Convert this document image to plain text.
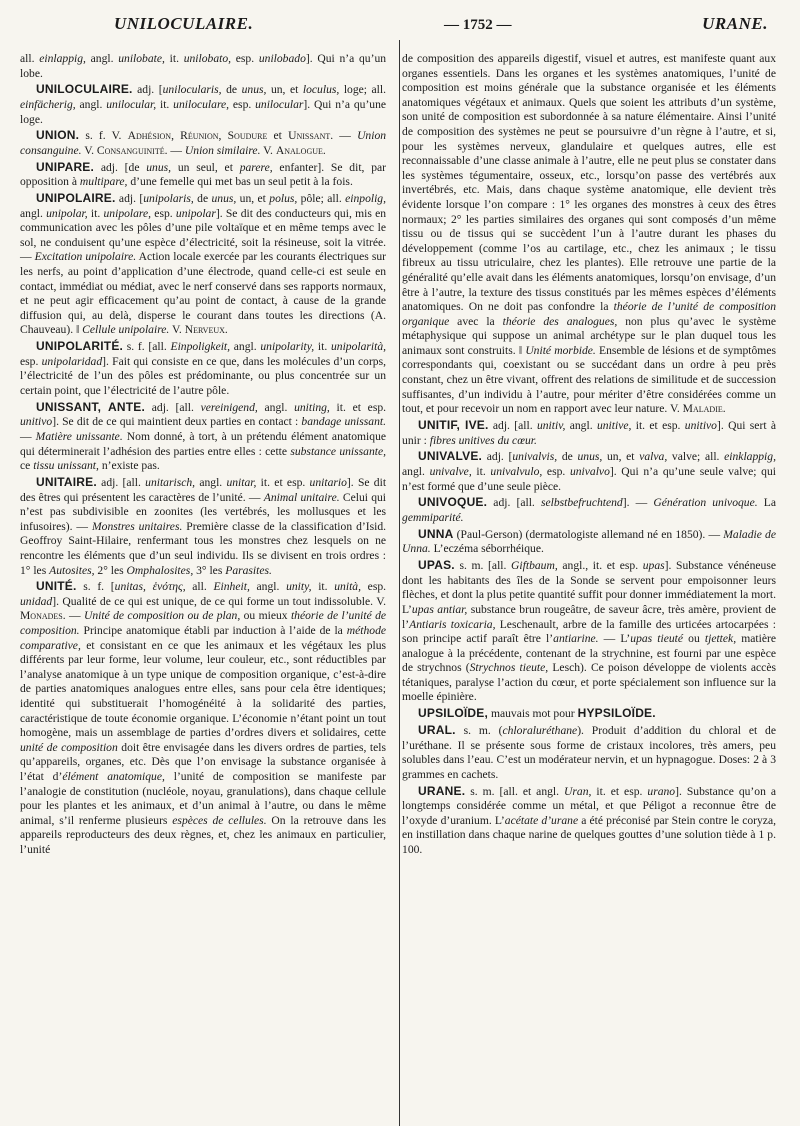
UNILOCULAIRE.	— 1752 —	URANE.

all. einlappig, angl. unilobate, it. unilobato, esp. unilobado]. Qui n’a qu’un lobe.

UNILOCULAIRE. adj. [unilocularis, de unus, un, et loculus, loge; all. einfächerig, angl. unilocular, it. uniloculare, esp. unilocular]. Qui n’a qu’une loge.

UNION. s. f. V. Adhésion, Réunion, Soudure et Unissant. — Union consanguine. V. Consanguinité. — Union similaire. V. Analogue.

UNIPARE. adj. [de unus, un seul, et parere, enfanter]. Se dit, par opposition à multipare, d’une femelle qui met bas un seul petit à la fois.

UNIPOLAIRE. adj. [unipolaris, de unus, un, et polus, pôle; all. einpolig, angl. unipolar, it. unipolare, esp. unipolar]. Se dit des conducteurs qui, mis en communication avec les pôles d’une pile voltaïque et en même temps avec le sol, ne conduisent qu’une espèce d’électricité, soit la résineuse, soit la vitrée. — Excitation unipolaire. Action locale exercée par les courants électriques sur les nerfs, au point d’application d’une électrode, quand celle-ci est seule en contact, immédiat ou médiat, avec le nerf conservé dans ses rapports normaux, et ne peut agir efficacement qu’au point de contact, à cause de la grande diffusion qui, au delà, disperse le courant dans toutes les directions (A. Chauveau). ‖ Cellule unipolaire. V. Nerveux.

UNIPOLARITÉ. s. f. [all. Einpoligkeit, angl. unipolarity, it. unipolarità, esp. unipolaridad]. Fait qui consiste en ce que, dans les molécules d’un corps, l’électricité de l’un des pôles est prédominante, ou plus concentrée sur un certain point, que l’électricité de l’autre pôle.

UNISSANT, ANTE. adj. [all. vereinigend, angl. uniting, it. et esp. unitivo]. Se dit de ce qui maintient deux parties en contact : bandage unissant. — Matière unissante. Nom donné, à tort, à un prétendu élément anatomique qui déterminerait l’adhésion des parties entre elles : cette substance unissante, ce tissu unissant, n’existe pas.

UNITAIRE. adj. [all. unitarisch, angl. unitar, it. et esp. unitario]. Se dit des êtres qui présentent les caractères de l’unité. — Animal unitaire. Celui qui n’est pas subdivisible en zoonites (les vertébrés, les mollusques et les infusoires). — Monstres unitaires. Première classe de la classification d’Isid. Geoffroy Saint-Hilaire, renfermant tous les monstres chez lesquels on ne rencontre les éléments que d’un seul individu. Ils se divisent en trois ordres : 1° les Autosites, 2° les Omphalosites, 3° les Parasites.

UNITÉ. s. f. [unitas, ἑνότης, all. Einheit, angl. unity, it. unità, esp. unidad]. Qualité de ce qui est unique, de ce qui forme un tout indissoluble. V. Monades. — Unité de composition ou de plan, ou mieux théorie de l’unité de composition. Principe anatomique établi par induction à l’aide de la méthode comparative, et consistant en ce que les animaux et les végétaux les plus différents par leur forme, leur volume, leur couleur, etc., sont réductibles par l’analyse anatomique à un type unique de composition organique, c’est-à-dire de parties anatomiques analogues entre elles, sans pour cela être identiques; identité qui substituerait l’homogénéité à la solidarité des parties, caractéristique de toute économie organique. L’économie n’étant point un tout homogène, mais un assemblage de parties d’ordres divers et solidaires, cette unité de composition doit être envisagée dans les divers ordres de parties, tels qu’appareils, organes, etc. Dès que l’on envisage la substance organisée à l’état d’élément anatomique, l’unité de composition se manifeste par l’analogie de constitution (nucléole, noyau, granulations), dans chaque cellule pour les plantes et les animaux, et d’un animal à l’autre, ou dans le même animal, s’il renferme plusieurs espèces de cellules. On la retrouve dans les appareils reproducteurs des deux règnes, et, chez les animaux en particulier, l’unité

de composition des appareils digestif, visuel et autres, est manifeste quant aux organes essentiels. Dans les organes et les systèmes anatomiques, l’unité de composition est moins générale que la substance organisée et les éléments anatomiques végétaux et animaux. Quels que soient les attributs d’un système, son unité de composition est subordonnée à sa nature élémentaire. Ainsi l’unité de composition des systèmes ne peut se poursuivre d’un règne à l’autre, et si, pour les systèmes nerveux, glandulaire et quelques autres, elle est reconnaissable d’une classe animale à l’autre, elle ne peut plus se constater dans les systèmes tégumentaire, osseux, etc., lorsqu’on passe des vertébrés aux invertébrés, etc. Mais, dans chaque système anatomique, elle devient très évidente lorsque l’on compare : 1° les organes des monstres à ceux des êtres normaux; 2° les parties similaires des organes qui sont composés d’un même tissu ou de tissus qui se succèdent l’un à l’autre durant les phases du développement (comme l’os au cartilage, etc., chez les animaux ; le tissu fibreux au tissu utriculaire, chez les plantes). Elle retrouve une partie de la généralité qu’elle avait dans les éléments anatomiques, lorsqu’on envisage, d’un être à l’autre, la texture des tissus constitués par les mêmes espèces d’éléments anatomiques. On ne doit pas confondre la théorie de l’unité de composition organique avec la théorie des analogues, non plus qu’avec le système métaphysique qui suppose un animal archétype sur le plan duquel tous les animaux sont construits. ‖ Unité morbide. Ensemble de lésions et de symptômes correspondants qui, coexistant ou se succédant dans un ordre à peu près constant, chez un être vivant, offrent des relations de similitude et de succession suffisantes, d’un individu à l’autre, pour mériter d’être considérées comme un tout, et pour recevoir un nom en rapport avec leur nature. V. Maladie.

UNITIF, IVE. adj. [all. unitiv, angl. unitive, it. et esp. unitivo]. Qui sert à unir : fibres unitives du cœur.

UNIVALVE. adj. [univalvis, de unus, un, et valva, valve; all. einklappig, angl. univalve, it. univalvulo, esp. univalvo]. Qui n’a qu’une seule valve; qui n’est formé que d’une seule pièce.

UNIVOQUE. adj. [all. selbstbefruchtend]. — Génération univoque. La gemmiparité.

UNNA (Paul-Gerson) (dermatologiste allemand né en 1850). — Maladie de Unna. L’eczéma séborrhéique.

UPAS. s. m. [all. Giftbaum, angl., it. et esp. upas]. Substance vénéneuse dont les habitants des îles de la Sonde se servent pour empoisonner leurs flèches, et dont la plus petite quantité suffit pour donner immédiatement la mort. L’upas antiar, substance brun rougeâtre, de saveur âcre, très amère, provient de l’Antiaris toxicaria, Leschenault, arbre de la famille des urticées artocarpées : son principe actif paraît être l’antiarine. — L’upas tieuté ou tjettek, matière analogue à la précédente, contenant de la strychnine, est fourni par une espèce de strychnos (Strychnos tieute, Lesch). Ce poison développe de violents accès tétaniques, paralyse l’action du cœur, et porte spécialement son influence sur la moelle épinière.

UPSILOÏDE, mauvais mot pour HYPSILOÏDE.

URAL. s. m. (chloraluréthane). Produit d’addition du chloral et de l’uréthane. Il se présente sous forme de cristaux incolores, très amers, peu solubles dans l’eau. C’est un modérateur nervin, et un hypnagogue. Doses: 2 à 3 grammes en cachets.

URANE. s. m. [all. et angl. Uran, it. et esp. urano]. Substance qu’on a longtemps considérée comme un métal, et que Péligot a reconnue être de l’oxyde d’uranium. L’acétate d’urane a été préconisé par Stein contre le coryza, en instillation dans chaque narine de quelques gouttes d’une solution tiède à 1 p. 100.
